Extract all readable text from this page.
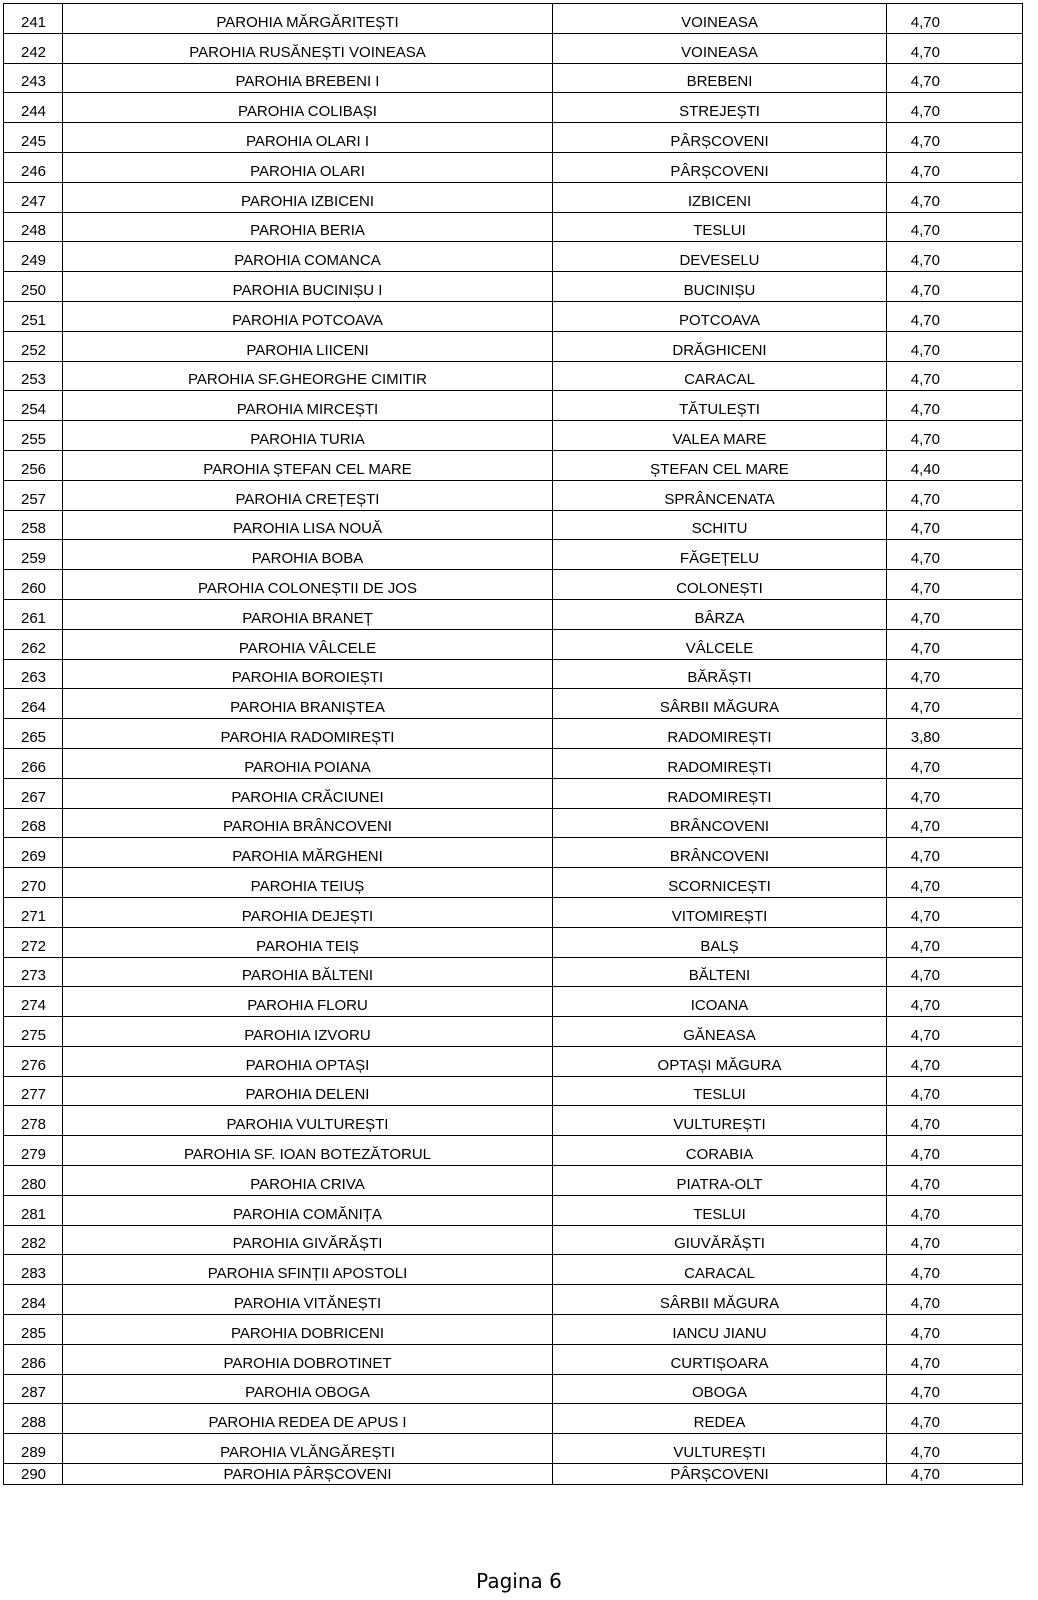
241	PAROHIA MĂRGĂRITEȘTI	VOINEASA	4,70

242	PAROHIA RUSĂNEȘTI VOINEASA	VOINEASA	4,70

243	PAROHIA BREBENI I	BREBENI	4,70

244	PAROHIA COLIBAȘI	STREJEȘTI	4,70

245	PAROHIA OLARI I	PÂRȘCOVENI	4,70

246	PAROHIA OLARI	PÂRȘCOVENI	4,70

247	PAROHIA IZBICENI	IZBICENI	4,70

248	PAROHIA BERIA	TESLUI	4,70

249	PAROHIA COMANCA	DEVESELU	4,70

250	PAROHIA BUCINIȘU I	BUCINIȘU	4,70

251	PAROHIA POTCOAVA	POTCOAVA	4,70

252	PAROHIA LIICENI	DRĂGHICENI	4,70

253	PAROHIA SF.GHEORGHE CIMITIR	CARACAL	4,70

254	PAROHIA MIRCEȘTI	TĂTULEȘTI	4,70

255	PAROHIA TURIA	VALEA MARE	4,70

256	PAROHIA ȘTEFAN CEL MARE	ȘTEFAN CEL MARE	4,40

257	PAROHIA CREȚEȘTI	SPRÂNCENATA	4,70

258	PAROHIA LISA NOUĂ	SCHITU	4,70

259	PAROHIA BOBA	FĂGEȚELU	4,70

260	PAROHIA COLONEȘTII DE JOS	COLONEȘTI	4,70

261	PAROHIA BRANEȚ	BÂRZA	4,70

262	PAROHIA VÂLCELE	VÂLCELE	4,70

263	PAROHIA BOROIEȘTI	BĂRĂȘTI	4,70

264	PAROHIA BRANIȘTEA	SÂRBII MĂGURA	4,70

265	PAROHIA RADOMIREȘTI	RADOMIREȘTI	3,80

266	PAROHIA POIANA	RADOMIREȘTI	4,70

267	PAROHIA CRĂCIUNEI	RADOMIREȘTI	4,70

268	PAROHIA BRÂNCOVENI	BRÂNCOVENI	4,70

269	PAROHIA MĂRGHENI	BRÂNCOVENI	4,70

270	PAROHIA TEIUȘ	SCORNICEȘTI	4,70

271	PAROHIA DEJEȘTI	VITOMIREȘTI	4,70

272	PAROHIA TEIȘ	BALȘ	4,70

273	PAROHIA BĂLTENI	BĂLTENI	4,70

274	PAROHIA FLORU	ICOANA	4,70

275	PAROHIA IZVORU	GĂNEASA	4,70

276	PAROHIA OPTAȘI	OPTAȘI MĂGURA	4,70

277	PAROHIA DELENI	TESLUI	4,70

278	PAROHIA VULTUREȘTI	VULTUREȘTI	4,70

279	PAROHIA SF. IOAN BOTEZĂTORUL	CORABIA	4,70

280	PAROHIA CRIVA	PIATRA-OLT	4,70

281	PAROHIA COMĂNIȚA	TESLUI	4,70

282	PAROHIA GIVĂRĂȘTI	GIUVĂRĂȘTI	4,70

283	PAROHIA SFINȚII APOSTOLI	CARACAL	4,70

284	PAROHIA VITĂNEȘTI	SÂRBII MĂGURA	4,70

285	PAROHIA DOBRICENI	IANCU JIANU	4,70

286	PAROHIA DOBROTINET	CURTIȘOARA	4,70

287	PAROHIA OBOGA	OBOGA	4,70

288	PAROHIA REDEA DE APUS I	REDEA	4,70

289	PAROHIA VLĂNGĂREȘTI	VULTUREȘTI	4,70

290	PAROHIA PÂRȘCOVENI	PÂRȘCOVENI	4,70
Pagina 6
